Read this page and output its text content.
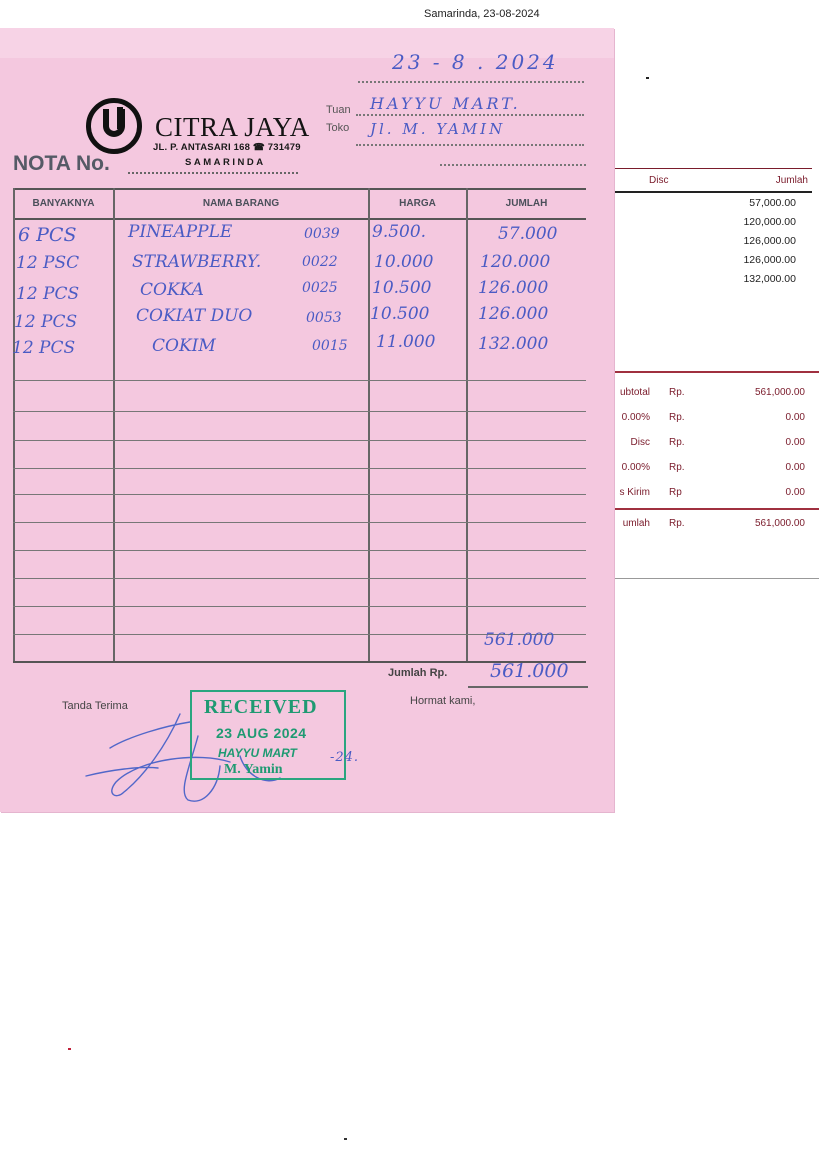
Samarinda, 23-08-2024
Disc	Jumlah
57,000.00
120,000.00
126,000.00
126,000.00
132,000.00
ubtotal Rp.	561,000.00
0.00% Rp.	0.00
Disc Rp.	0.00
0.00% Rp.	0.00
s Kirim Rp	0.00
umlah Rp.	561,000.00
CITRA JAYA
JL. P. ANTASARI 168 ☎ 731479
SAMARINDA
NOTA No.
23 - 8 . 2024
Tuan
Toko
HAYYU MART.
Jl. M. YAMIN
BANYAKNYA	NAMA BARANG	HARGA	JUMLAH
6 PCS	PINEAPPLE	0039 9.500.	57.000
12 PSC	STRAWBERRY.	0022 10.000	120.000
12 PCS	COKKA	0025 10.500	126.000
12 PCS	COKIAT DUO	0053 10.500	126.000
12 PCS	COKIM	0015 11.000	132.000
561.000
Jumlah Rp. 561.000
Tanda Terima	Hormat kami,
RECEIVED
23 AUG 2024
HAYYU MART
M. Yamin
-24.
